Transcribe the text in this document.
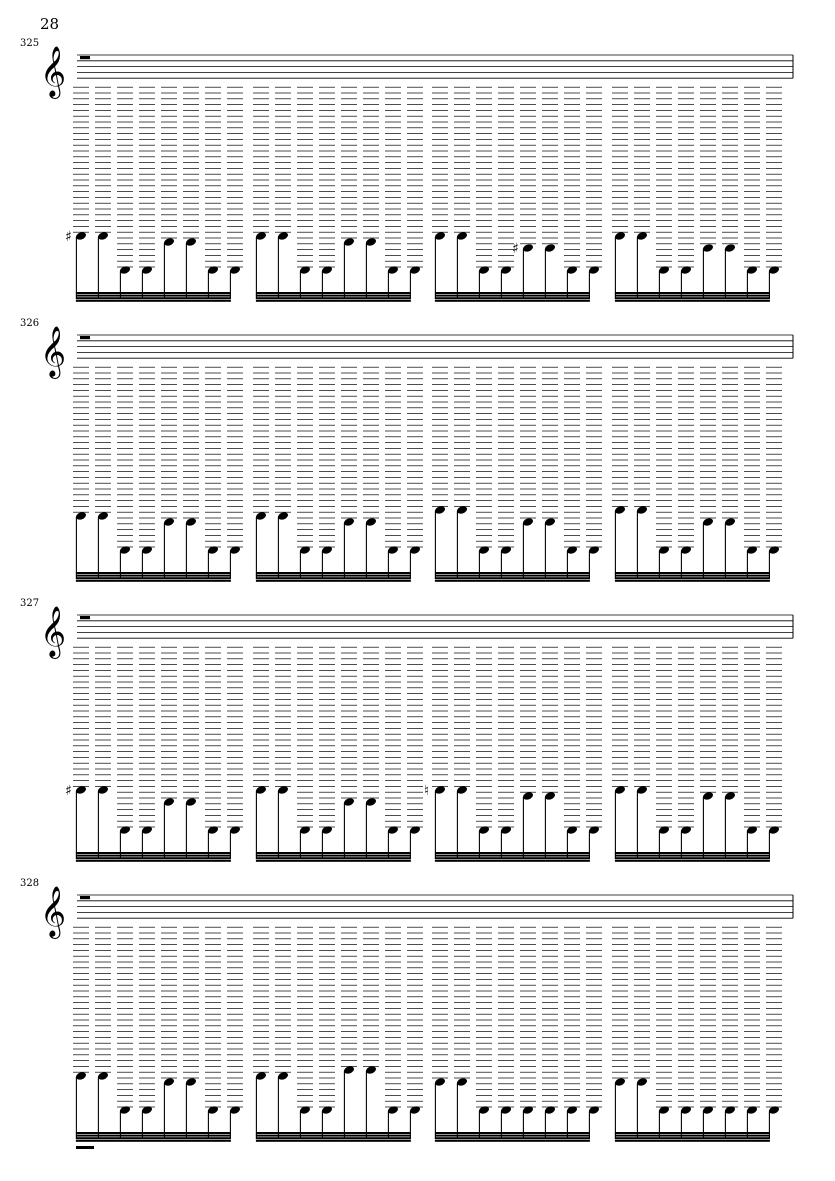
28
𝄞
325
♯
♯
𝄞
326
𝄞
327
♯	♮
𝄞
328
